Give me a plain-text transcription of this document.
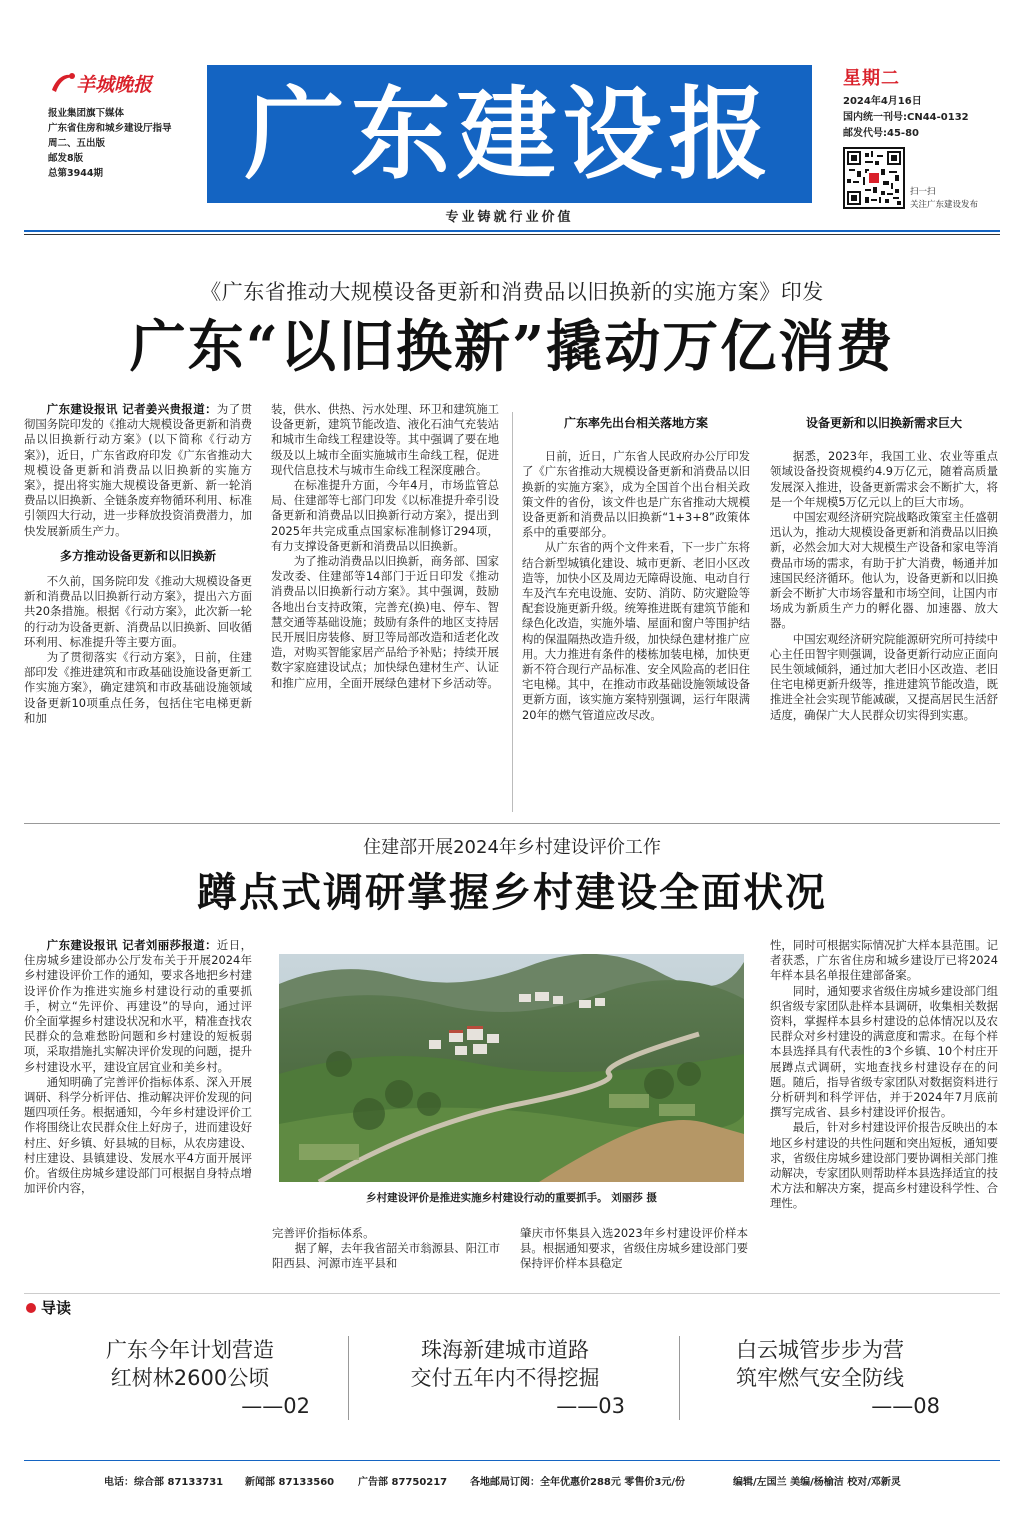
羊城晚报
报业集团旗下媒体
广东省住房和城乡建设厅指导
周二、五出版
邮发8版
总第3944期	广东建设报
专业铸就行业价值
星期二
2024年4月16日
国内统一刊号:CN44-0132
邮发代号:45-80
扫一扫
关注广东建设发布
《广东省推动大规模设备更新和消费品以旧换新的实施方案》印发
广东“以旧换新”撬动万亿消费

广东建设报讯 记者姜兴贵报道：为了贯彻国务院印发的《推动大规模设备更新和消费品以旧换新行动方案》(以下简称《行动方案》)，近日，广东省政府印发《广东省推动大规模设备更新和消费品以旧换新的实施方案》，提出将实施大规模设备更新、新一轮消费品以旧换新、全链条废弃物循环利用、标准引领四大行动，进一步释放投资消费潜力，加快发展新质生产力。

多方推动设备更新和以旧换新

不久前，国务院印发《推动大规模设备更新和消费品以旧换新行动方案》，提出六方面共20条措施。根据《行动方案》，此次新一轮的行动为设备更新、消费品以旧换新、回收循环利用、标准提升等主要方面。

为了贯彻落实《行动方案》，日前，住建部印发《推进建筑和市政基础设施设备更新工作实施方案》，确定建筑和市政基础设施领域设备更新10项重点任务，包括住宅电梯更新和加

装，供水、供热、污水处理、环卫和建筑施工设备更新，建筑节能改造、液化石油气充装站和城市生命线工程建设等。其中强调了要在地级及以上城市全面实施城市生命线工程，促进现代信息技术与城市生命线工程深度融合。

在标准提升方面，今年4月，市场监管总局、住建部等七部门印发《以标准提升牵引设备更新和消费品以旧换新行动方案》，提出到2025年共完成重点国家标准制修订294项，有力支撑设备更新和消费品以旧换新。

为了推动消费品以旧换新，商务部、国家发改委、住建部等14部门于近日印发《推动消费品以旧换新行动方案》。其中强调，鼓励各地出台支持政策，完善充(换)电、停车、智慧交通等基础设施；鼓励有条件的地区支持居民开展旧房装修、厨卫等局部改造和适老化改造，对购买智能家居产品给予补贴；持续开展数字家庭建设试点；加快绿色建材生产、认证和推广应用，全面开展绿色建材下乡活动等。

广东率先出台相关落地方案

日前，近日，广东省人民政府办公厅印发了《广东省推动大规模设备更新和消费品以旧换新的实施方案》，成为全国首个出台相关政策文件的省份，该文件也是广东省推动大规模设备更新和消费品以旧换新“1+3+8”政策体系中的重要部分。

从广东省的两个文件来看，下一步广东将结合新型城镇化建设、城市更新、老旧小区改造等，加快小区及周边无障碍设施、电动自行车及汽车充电设施、安防、消防、防灾避险等配套设施更新升级。统筹推进既有建筑节能和绿色化改造，实施外墙、屋面和窗户等围护结构的保温隔热改造升级，加快绿色建材推广应用。大力推进有条件的楼栋加装电梯，加快更新不符合现行产品标准、安全风险高的老旧住宅电梯。其中，在推动市政基础设施领域设备更新方面，该实施方案特别强调，运行年限满20年的燃气管道应改尽改。

设备更新和以旧换新需求巨大

据悉，2023年，我国工业、农业等重点领域设备投资规模约4.9万亿元，随着高质量发展深入推进，设备更新需求会不断扩大，将是一个年规模5万亿元以上的巨大市场。

中国宏观经济研究院战略政策室主任盛朝迅认为，推动大规模设备更新和消费品以旧换新，必然会加大对大规模生产设备和家电等消费品市场的需求，有助于扩大消费，畅通并加速国民经济循环。他认为，设备更新和以旧换新会不断扩大市场容量和市场空间，让国内市场成为新质生产力的孵化器、加速器、放大器。

中国宏观经济研究院能源研究所可持续中心主任田智宇则强调，设备更新行动应正面向民生领域倾斜，通过加大老旧小区改造、老旧住宅电梯更新升级等，推进建筑节能改造，既推进全社会实现节能减碳，又提高居民生活舒适度，确保广大人民群众切实得到实惠。

住建部开展2024年乡村建设评价工作
蹲点式调研掌握乡村建设全面状况

广东建设报讯 记者刘丽莎报道：近日，住房城乡建设部办公厅发布关于开展2024年乡村建设评价工作的通知，要求各地把乡村建设评价作为推进实施乡村建设行动的重要抓手，树立“先评价、再建设”的导向，通过评价全面掌握乡村建设状况和水平，精准查找农民群众的急难愁盼问题和乡村建设的短板弱项，采取措施扎实解决评价发现的问题，提升乡村建设水平，建设宜居宜业和美乡村。

通知明确了完善评价指标体系、深入开展调研、科学分析评估、推动解决评价发现的问题四项任务。根据通知，今年乡村建设评价工作将围绕让农民群众住上好房子，进而建设好村庄、好乡镇、好县城的目标，从农房建设、村庄建设、县镇建设、发展水平4方面开展评价。省级住房城乡建设部门可根据自身特点增加评价内容，

乡村建设评价是推进实施乡村建设行动的重要抓手。 刘丽莎 摄

完善评价指标体系。

据了解，去年我省韶关市翁源县、阳江市阳西县、河源市连平县和

肇庆市怀集县入选2023年乡村建设评价样本县。根据通知要求，省级住房城乡建设部门要保持评价样本县稳定

性，同时可根据实际情况扩大样本县范围。记者获悉，广东省住房和城乡建设厅已将2024年样本县名单报住建部备案。

同时，通知要求省级住房城乡建设部门组织省级专家团队赴样本县调研，收集相关数据资料，掌握样本县乡村建设的总体情况以及农民群众对乡村建设的满意度和需求。在每个样本县选择具有代表性的3个乡镇、10个村庄开展蹲点式调研，实地查找乡村建设存在的问题。随后，指导省级专家团队对数据资料进行分析研判和科学评估，并于2024年7月底前撰写完成省、县乡村建设评价报告。

最后，针对乡村建设评价报告反映出的本地区乡村建设的共性问题和突出短板，通知要求，省级住房城乡建设部门要协调相关部门推动解决，专家团队则帮助样本县选择适宜的技术方法和解决方案，提高乡村建设科学性、合理性。

导读
广东今年计划营造
红树林2600公顷
——02
珠海新建城市道路
交付五年内不得挖掘
——03
白云城管步步为营
筑牢燃气安全防线
——08
电话：综合部 87133731 新闻部 87133560 广告部 87750217 各地邮局订阅：全年优惠价288元 零售价3元/份	编辑/左国兰 美编/杨榆洁 校对/邓新灵
